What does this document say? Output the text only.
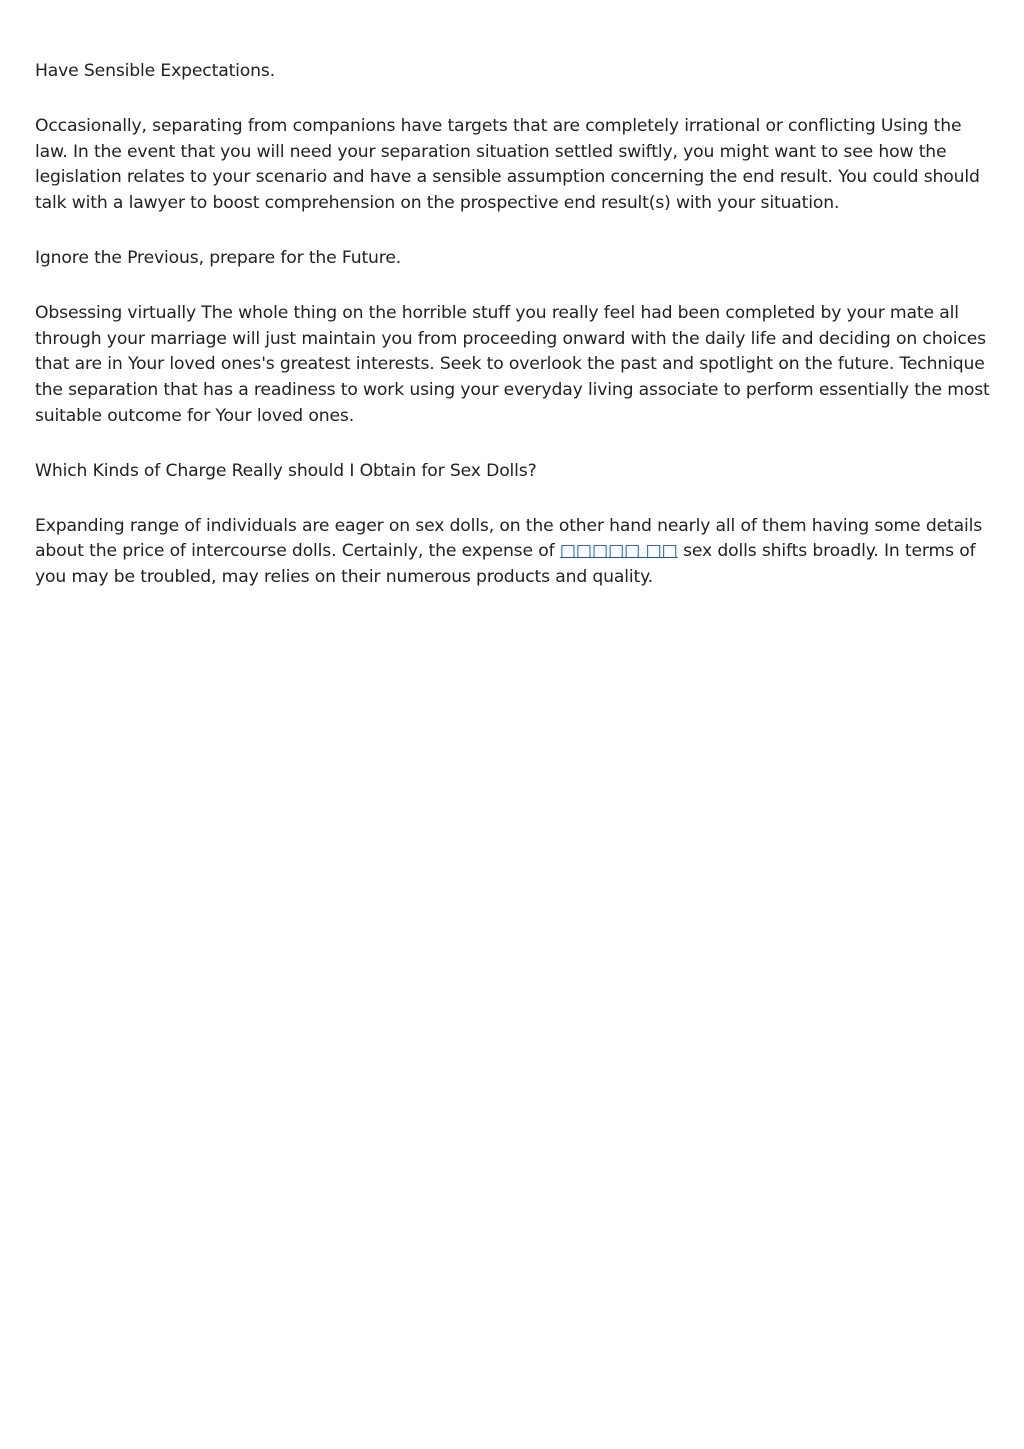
Have Sensible Expectations.

Occasionally, separating from companions have targets that are completely irrational or conflicting Using the law. In the event that you will need your separation situation settled swiftly, you might want to see how the legislation relates to your scenario and have a sensible assumption concerning the end result. You could should talk with a lawyer to boost comprehension on the prospective end result(s) with your situation.

Ignore the Previous, prepare for the Future.

Obsessing virtually The whole thing on the horrible stuff you really feel had been completed by your mate all through your marriage will just maintain you from proceeding onward with the daily life and deciding on choices that are in Your loved ones's greatest interests. Seek to overlook the past and spotlight on the future. Technique the separation that has a readiness to work using your everyday living associate to perform essentially the most suitable outcome for Your loved ones.

Which Kinds of Charge Really should I Obtain for Sex Dolls?

Expanding range of individuals are eager on sex dolls, on the other hand nearly all of them having some details about the price of intercourse dolls. Certainly, the expense of □□□□□ □□ sex dolls shifts broadly. In terms of you may be troubled, may relies on their numerous products and quality.
